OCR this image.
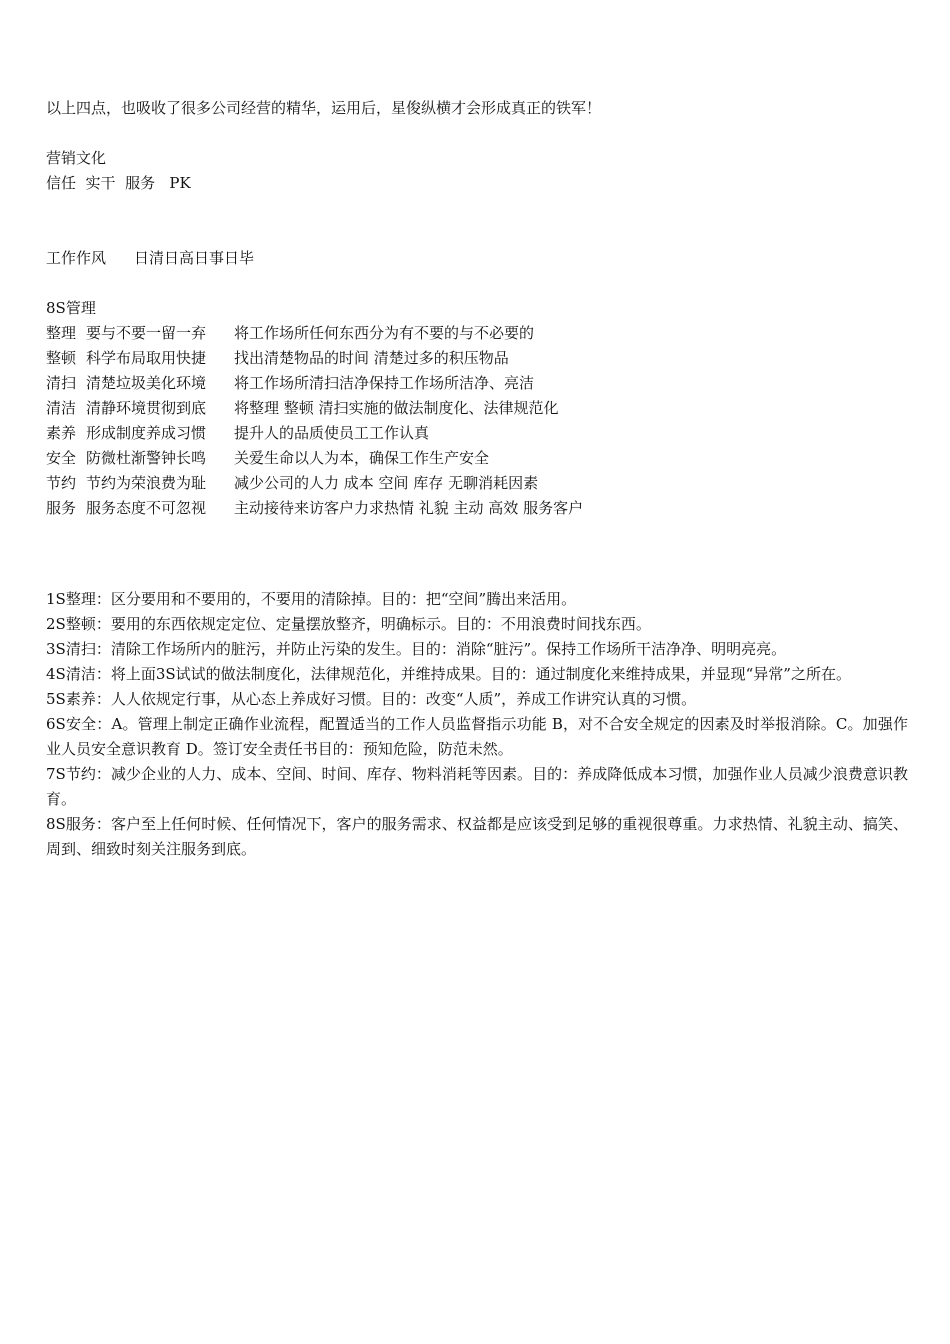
以上四点，也吸收了很多公司经营的精华，运用后，星俊纵横才会形成真正的铁军！

营销文化

信任  实干  服务   PK

工作作风	日清日高日事日毕

8S管理

整理 要与不要一留一弃	将工作场所任何东西分为有不要的与不必要的
整顿 科学布局取用快捷	找出清楚物品的时间 清楚过多的积压物品
清扫 清楚垃圾美化环境	将工作场所清扫洁净保持工作场所洁净、亮洁
清洁 清静环境贯彻到底	将整理 整顿 清扫实施的做法制度化、法律规范化
素养 形成制度养成习惯	提升人的品质使员工工作认真
安全 防微杜渐警钟长鸣	关爱生命以人为本，确保工作生产安全
节约 节约为荣浪费为耻	减少公司的人力 成本 空间 库存 无聊消耗因素
服务 服务态度不可忽视	主动接待来访客户力求热情 礼貌 主动 高效 服务客户

1S整理：区分要用和不要用的，不要用的清除掉。目的：把“空间”腾出来活用。

2S整顿：要用的东西依规定定位、定量摆放整齐，明确标示。目的：不用浪费时间找东西。

3S清扫：清除工作场所内的脏污，并防止污染的发生。目的：消除“脏污”。保持工作场所干洁净净、明明亮亮。

4S清洁：将上面3S试试的做法制度化，法律规范化，并维持成果。目的：通过制度化来维持成果，并显现“异常”之所在。

5S素养：人人依规定行事，从心态上养成好习惯。目的：改变“人质”，养成工作讲究认真的习惯。

6S安全：A。管理上制定正确作业流程，配置适当的工作人员监督指示功能 B，对不合安全规定的因素及时举报消除。C。加强作业人员安全意识教育 D。签订安全责任书目的：预知危险，防范未然。

7S节约：减少企业的人力、成本、空间、时间、库存、物料消耗等因素。目的：养成降低成本习惯，加强作业人员减少浪费意识教育。

8S服务：客户至上任何时候、任何情况下，客户的服务需求、权益都是应该受到足够的重视很尊重。力求热情、礼貌主动、搞笑、周到、细致时刻关注服务到底。
